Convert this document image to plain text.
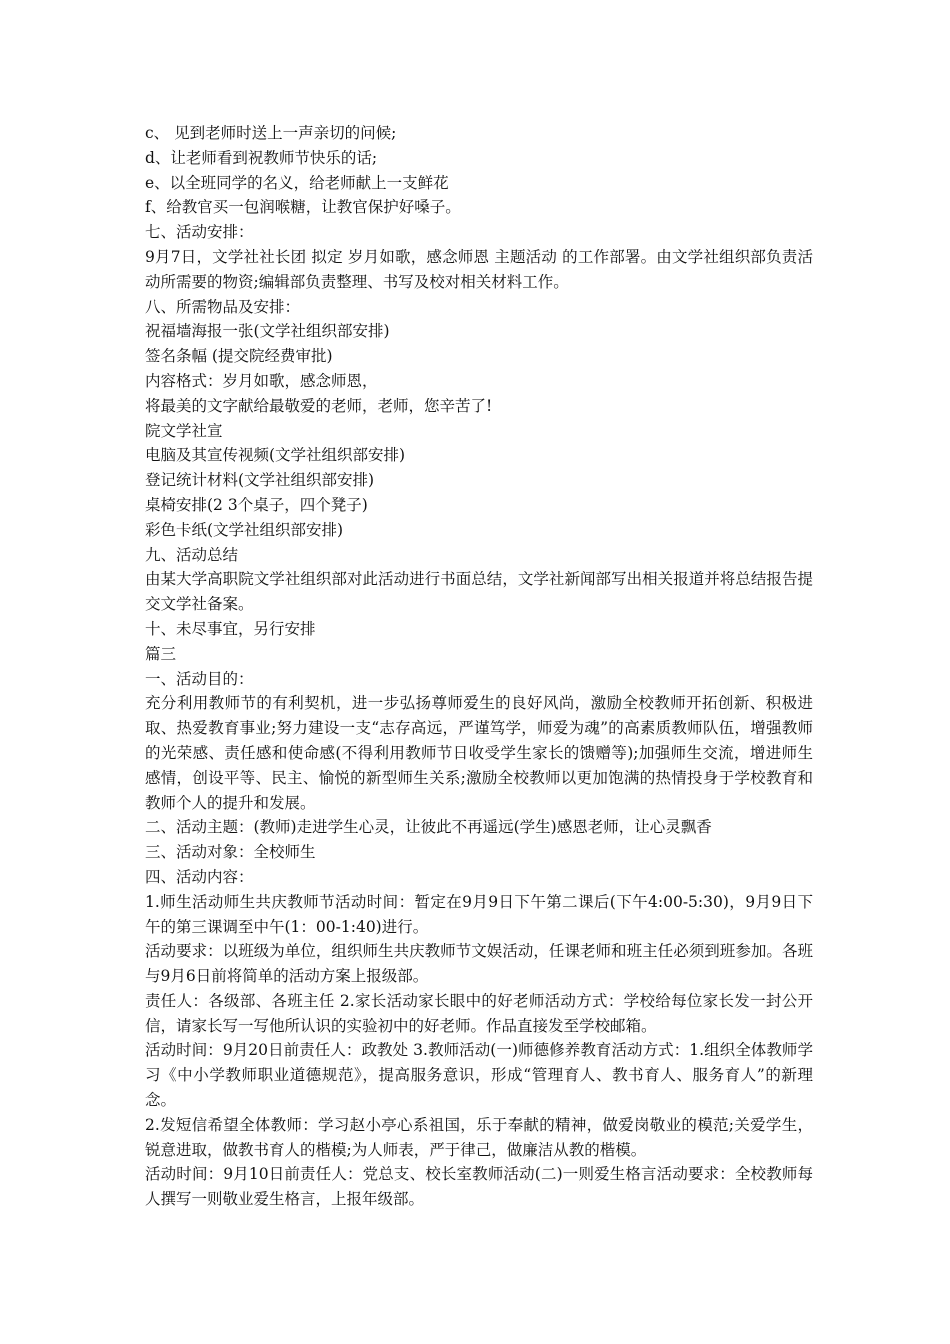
c、 见到老师时送上一声亲切的问候;
d、让老师看到祝教师节快乐的话;
e、以全班同学的名义，给老师献上一支鲜花
f、给教官买一包润喉糖，让教官保护好嗓子。
七、活动安排：
9月7日，文学社社长团 拟定 岁月如歌，感念师恩 主题活动 的工作部署。由文学社组织部负责活动所需要的物资;编辑部负责整理、书写及校对相关材料工作。
八、所需物品及安排：
祝福墙海报一张(文学社组织部安排)
签名条幅 (提交院经费审批)
内容格式：岁月如歌，感念师恩，
将最美的文字献给最敬爱的老师，老师，您辛苦了!
院文学社宣
电脑及其宣传视频(文学社组织部安排)
登记统计材料(文学社组织部安排)
桌椅安排(2 3个桌子，四个凳子)
彩色卡纸(文学社组织部安排)
九、活动总结
由某大学高职院文学社组织部对此活动进行书面总结，文学社新闻部写出相关报道并将总结报告提交文学社备案。
十、未尽事宜，另行安排
篇三
一、活动目的：
充分利用教师节的有利契机，进一步弘扬尊师爱生的良好风尚，激励全校教师开拓创新、积极进取、热爱教育事业;努力建设一支“志存高远，严谨笃学，师爱为魂”的高素质教师队伍，增强教师的光荣感、责任感和使命感(不得利用教师节日收受学生家长的馈赠等);加强师生交流，增进师生感情，创设平等、民主、愉悦的新型师生关系;激励全校教师以更加饱满的热情投身于学校教育和教师个人的提升和发展。
二、活动主题：(教师)走进学生心灵，让彼此不再遥远(学生)感恩老师，让心灵飘香
三、活动对象：全校师生
四、活动内容：
1.师生活动师生共庆教师节活动时间：暂定在9月9日下午第二课后(下午4:00-5:30)，9月9日下午的第三课调至中午(1：00-1:40)进行。
活动要求：以班级为单位，组织师生共庆教师节文娱活动，任课老师和班主任必须到班参加。各班与9月6日前将简单的活动方案上报级部。
责任人：各级部、各班主任 2.家长活动家长眼中的好老师活动方式：学校给每位家长发一封公开信，请家长写一写他所认识的实验初中的好老师。作品直接发至学校邮箱。
活动时间：9月20日前责任人：政教处 3.教师活动(一)师德修养教育活动方式：1.组织全体教师学习《中小学教师职业道德规范》，提高服务意识，形成“管理育人、教书育人、服务育人”的新理念。
2.发短信希望全体教师：学习赵小亭心系祖国，乐于奉献的精神，做爱岗敬业的模范;关爱学生，锐意进取，做教书育人的楷模;为人师表，严于律己，做廉洁从教的楷模。
活动时间：9月10日前责任人：党总支、校长室教师活动(二)一则爱生格言活动要求：全校教师每人撰写一则敬业爱生格言，上报年级部。
